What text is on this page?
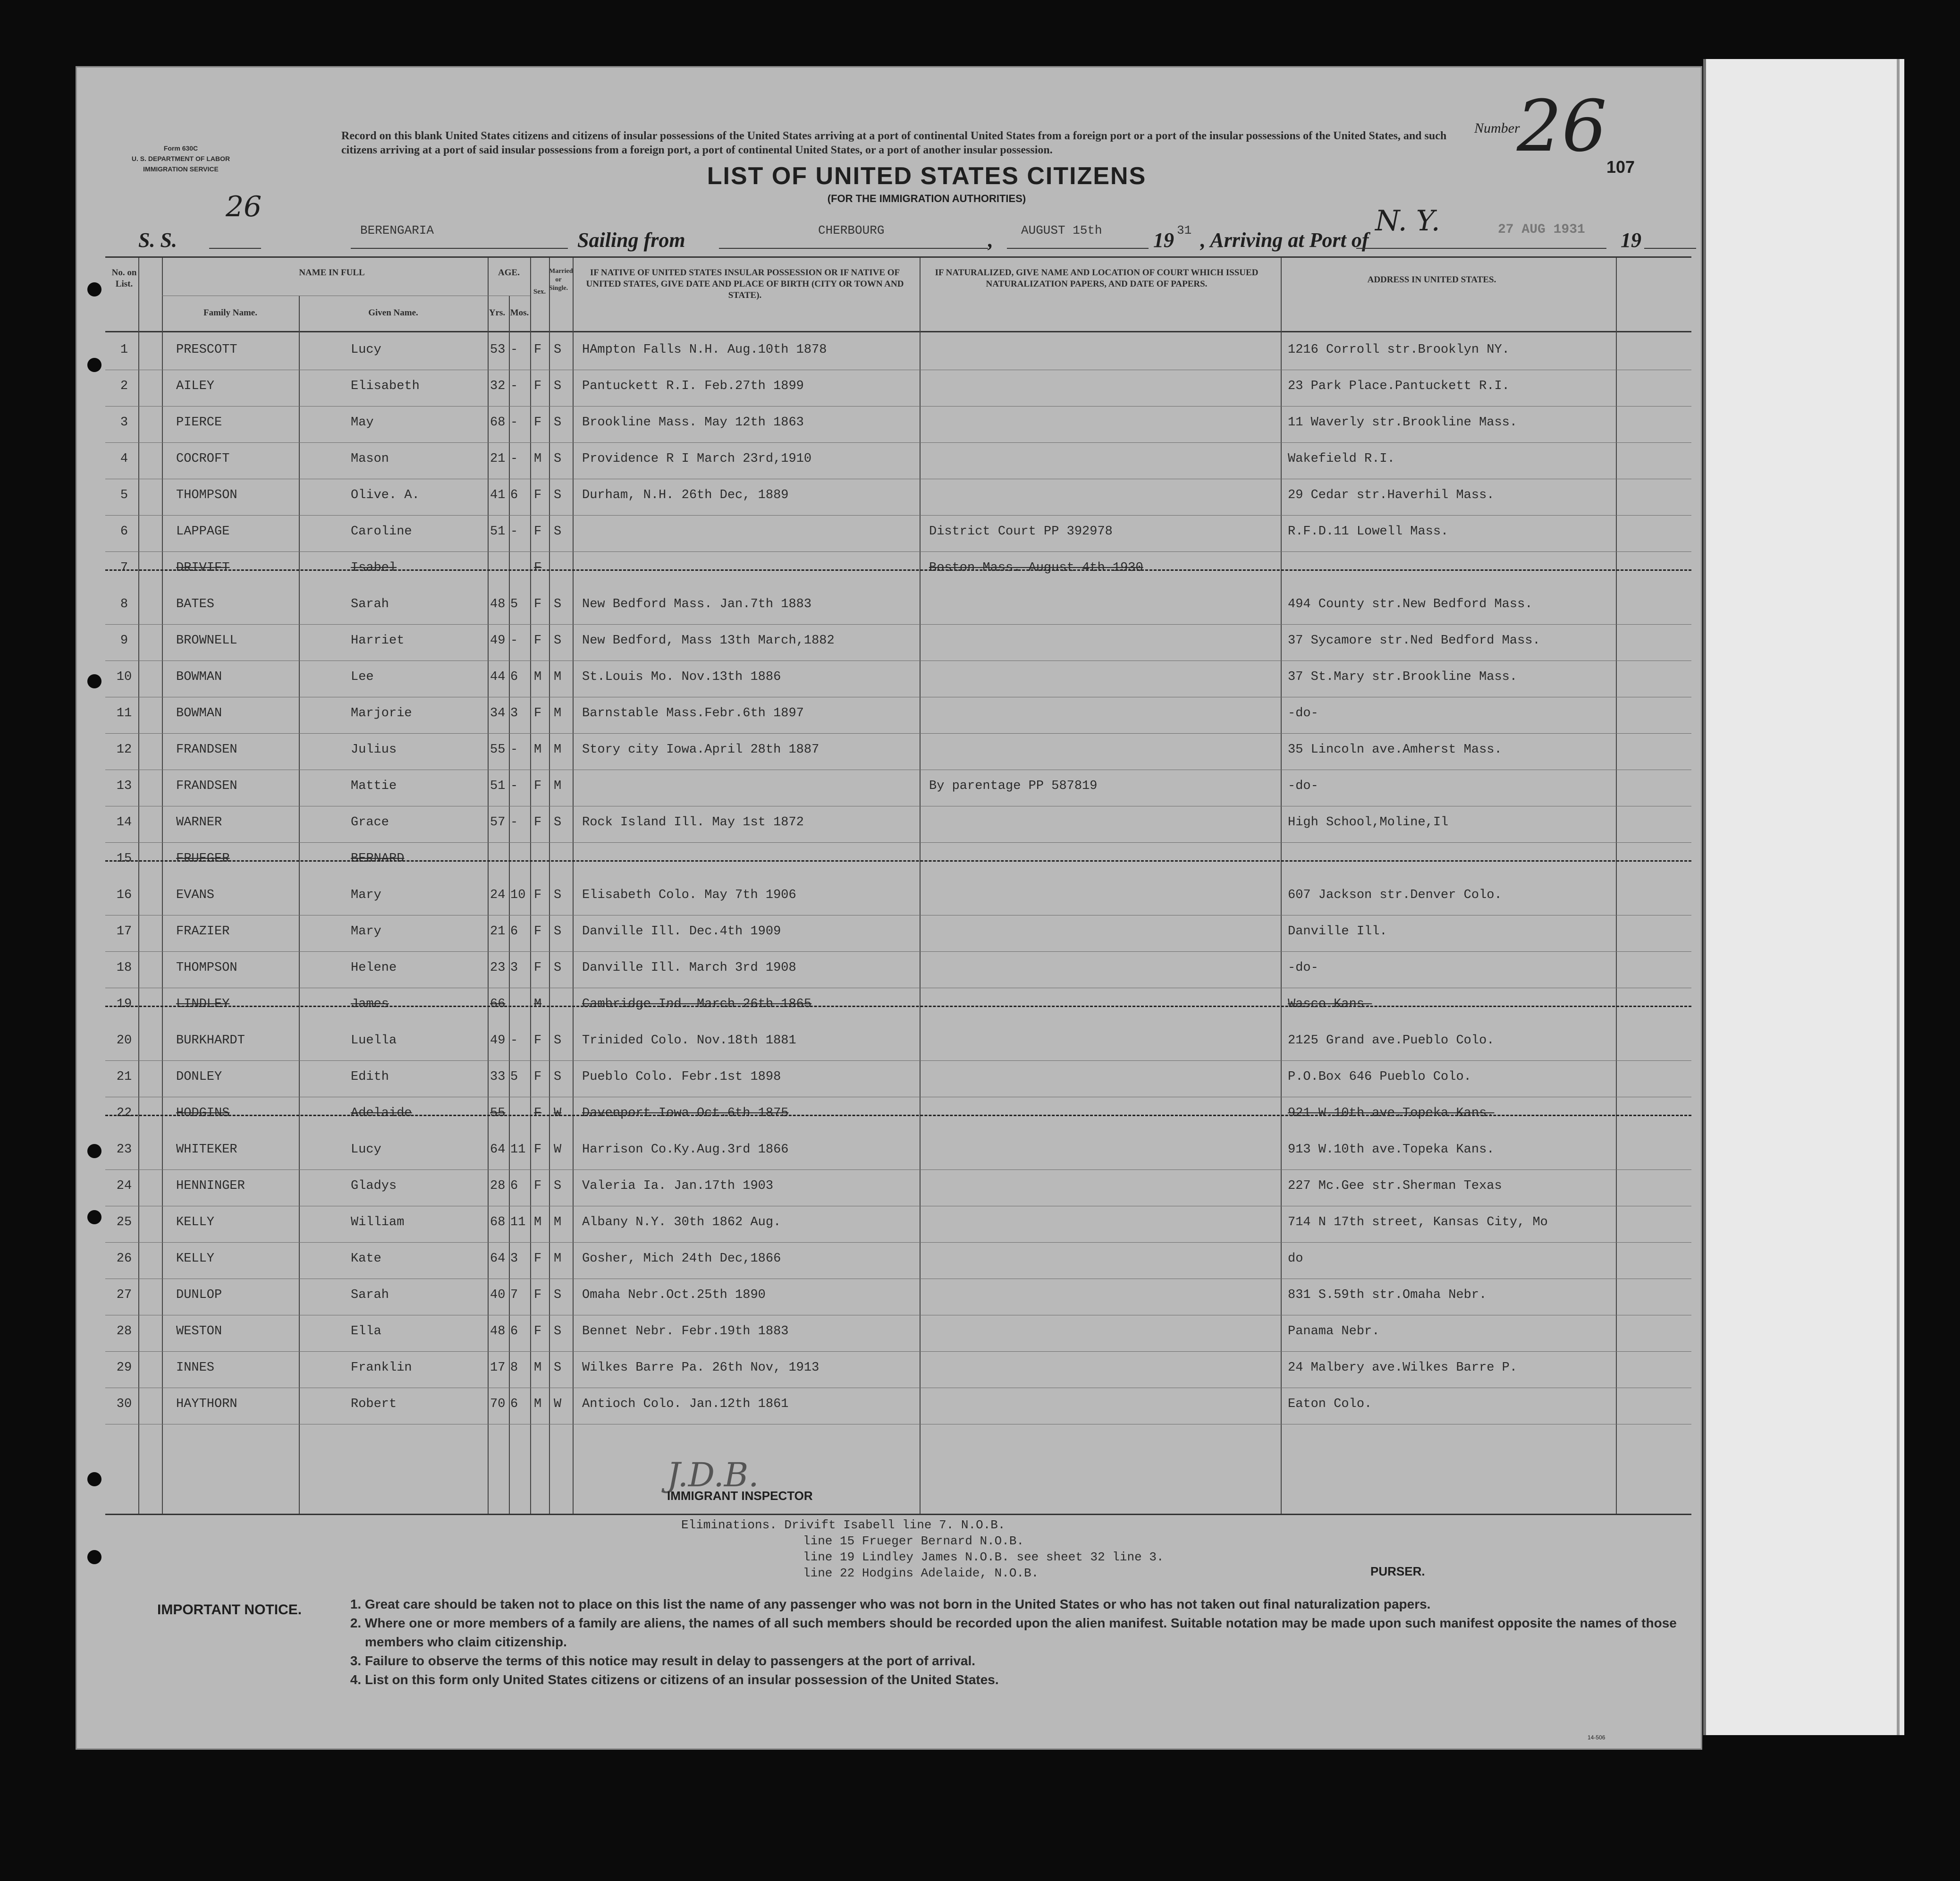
Form 630C
U. S. DEPARTMENT OF LABOR
IMMIGRATION SERVICE
Record on this blank United States citizens and citizens of insular possessions of the United States arriving at a port of continental United States from a foreign port or a port of the insular possessions of the United States, and such citizens arriving at a port of said insular possessions from a foreign port, a port of continental United States, or a port of another insular possession.
Number
26 107
LIST OF UNITED STATES CITIZENS
(FOR THE IMMIGRATION AUTHORITIES)
S. S.
26
BERENGARIA	Sailing from	CHERBOURG	, AUGUST 15th 19 31 , Arriving at Port of
N. Y.	27 AUG 1931 19
No. on List.
NAME IN FULL
Family Name.	Given Name.
AGE.
Yrs. Mos.
Sex.
Married or Single.
IF NATIVE OF UNITED STATES INSULAR POSSESSION OR IF NATIVE OF UNITED STATES, GIVE DATE AND PLACE OF BIRTH (CITY OR TOWN AND STATE).
IF NATURALIZED, GIVE NAME AND LOCATION OF COURT WHICH ISSUED NATURALIZATION PAPERS, AND DATE OF PAPERS.	ADDRESS IN UNITED STATES.
1	PRESCOTT	Lucy	53 - F S HAmpton Falls N.H. Aug.10th 1878	1216 Corroll str.Brooklyn NY.
2	AILEY	Elisabeth	32 - F S Pantuckett R.I. Feb.27th 1899	23 Park Place.Pantuckett R.I.
3	PIERCE	May	68 - F S Brookline Mass. May 12th 1863	11 Waverly str.Brookline Mass.
4	COCROFT	Mason	21 - M S Providence R I March 23rd,1910	Wakefield R.I.
5	THOMPSON	Olive. A.	41 6 F S Durham, N.H. 26th Dec, 1889	29 Cedar str.Haverhil Mass.
6	LAPPAGE	Caroline	51 - F S	District Court PP 392978	R.F.D.11 Lowell Mass.
7	DRIVIFT	Isabel	F	Boston Mass. August 4th 1930
8	BATES	Sarah	48 5 F S New Bedford Mass. Jan.7th 1883	494 County str.New Bedford Mass.
9	BROWNELL	Harriet	49 - F S New Bedford, Mass 13th March,1882	37 Sycamore str.Ned Bedford Mass.
10	BOWMAN	Lee	44 6 M M St.Louis Mo. Nov.13th 1886	37 St.Mary str.Brookline Mass.
11	BOWMAN	Marjorie	34 3 F M Barnstable Mass.Febr.6th 1897	-do-
12	FRANDSEN	Julius	55 - M M Story city Iowa.April 28th 1887	35 Lincoln ave.Amherst Mass.
13	FRANDSEN	Mattie	51 - F M	By parentage PP 587819	-do-
14	WARNER	Grace	57 - F S Rock Island Ill. May 1st 1872	High School,Moline,Il
15	FRUEGER	BERNARD
16	EVANS	Mary	24 10 F S Elisabeth Colo. May 7th 1906	607 Jackson str.Denver Colo.
17	FRAZIER	Mary	21 6 F S Danville Ill. Dec.4th 1909	Danville Ill.
18	THOMPSON	Helene	23 3 F S Danville Ill. March 3rd 1908	-do-
19	LINDLEY	James	66 M	Cambridge Ind. March 26th 1865	Wasco Kans.
20	BURKHARDT	Luella	49 - F S Trinided Colo. Nov.18th 1881	2125 Grand ave.Pueblo Colo.
21	DONLEY	Edith	33 5 F S Pueblo Colo. Febr.1st 1898	P.O.Box 646 Pueblo Colo.
22	HODGINS	Adelaide	55 F W Davenport Iowa Oct.6th 1875	921 W.10th ave.Topeka Kans.
23	WHITEKER	Lucy	64 11 F W Harrison Co.Ky.Aug.3rd 1866	913 W.10th ave.Topeka Kans.
24	HENNINGER	Gladys	28 6 F S Valeria Ia. Jan.17th 1903	227 Mc.Gee str.Sherman Texas
25	KELLY	William	68 11 M M Albany N.Y. 30th 1862 Aug.	714 N 17th street, Kansas City, Mo
26	KELLY	Kate	64 3 F M Gosher, Mich 24th Dec,1866	do
27	DUNLOP	Sarah	40 7 F S Omaha Nebr.Oct.25th 1890	831 S.59th str.Omaha Nebr.
28	WESTON	Ella	48 6 F S Bennet Nebr. Febr.19th 1883	Panama Nebr.
29	INNES	Franklin	17 8 M S Wilkes Barre Pa. 26th Nov, 1913	24 Malbery ave.Wilkes Barre P.
30	HAYTHORN	Robert	70 6 M W Antioch Colo. Jan.12th 1861	Eaton Colo.
J.D.B.
IMMIGRANT INSPECTOR
Eliminations. Drivift Isabell line 7. N.O.B.
line 15 Frueger Bernard N.O.B.
line 19 Lindley James N.O.B. see sheet 32 line 3.
line 22 Hodgins Adelaide, N.O.B.	PURSER.
IMPORTANT NOTICE.
1.	Great care should be taken not to place on this list the name of any passenger who was not born in the United States or who has not taken out final naturalization papers.
2. Where one or more members of a family are aliens, the names of all such members should be recorded upon the alien manifest. Suitable notation may be made upon such manifest opposite the names of those members who claim citizenship.
3. Failure to observe the terms of this notice may result in delay to passengers at the port of arrival.
4. List on this form only United States citizens or citizens of an insular possession of the United States.
14-506
